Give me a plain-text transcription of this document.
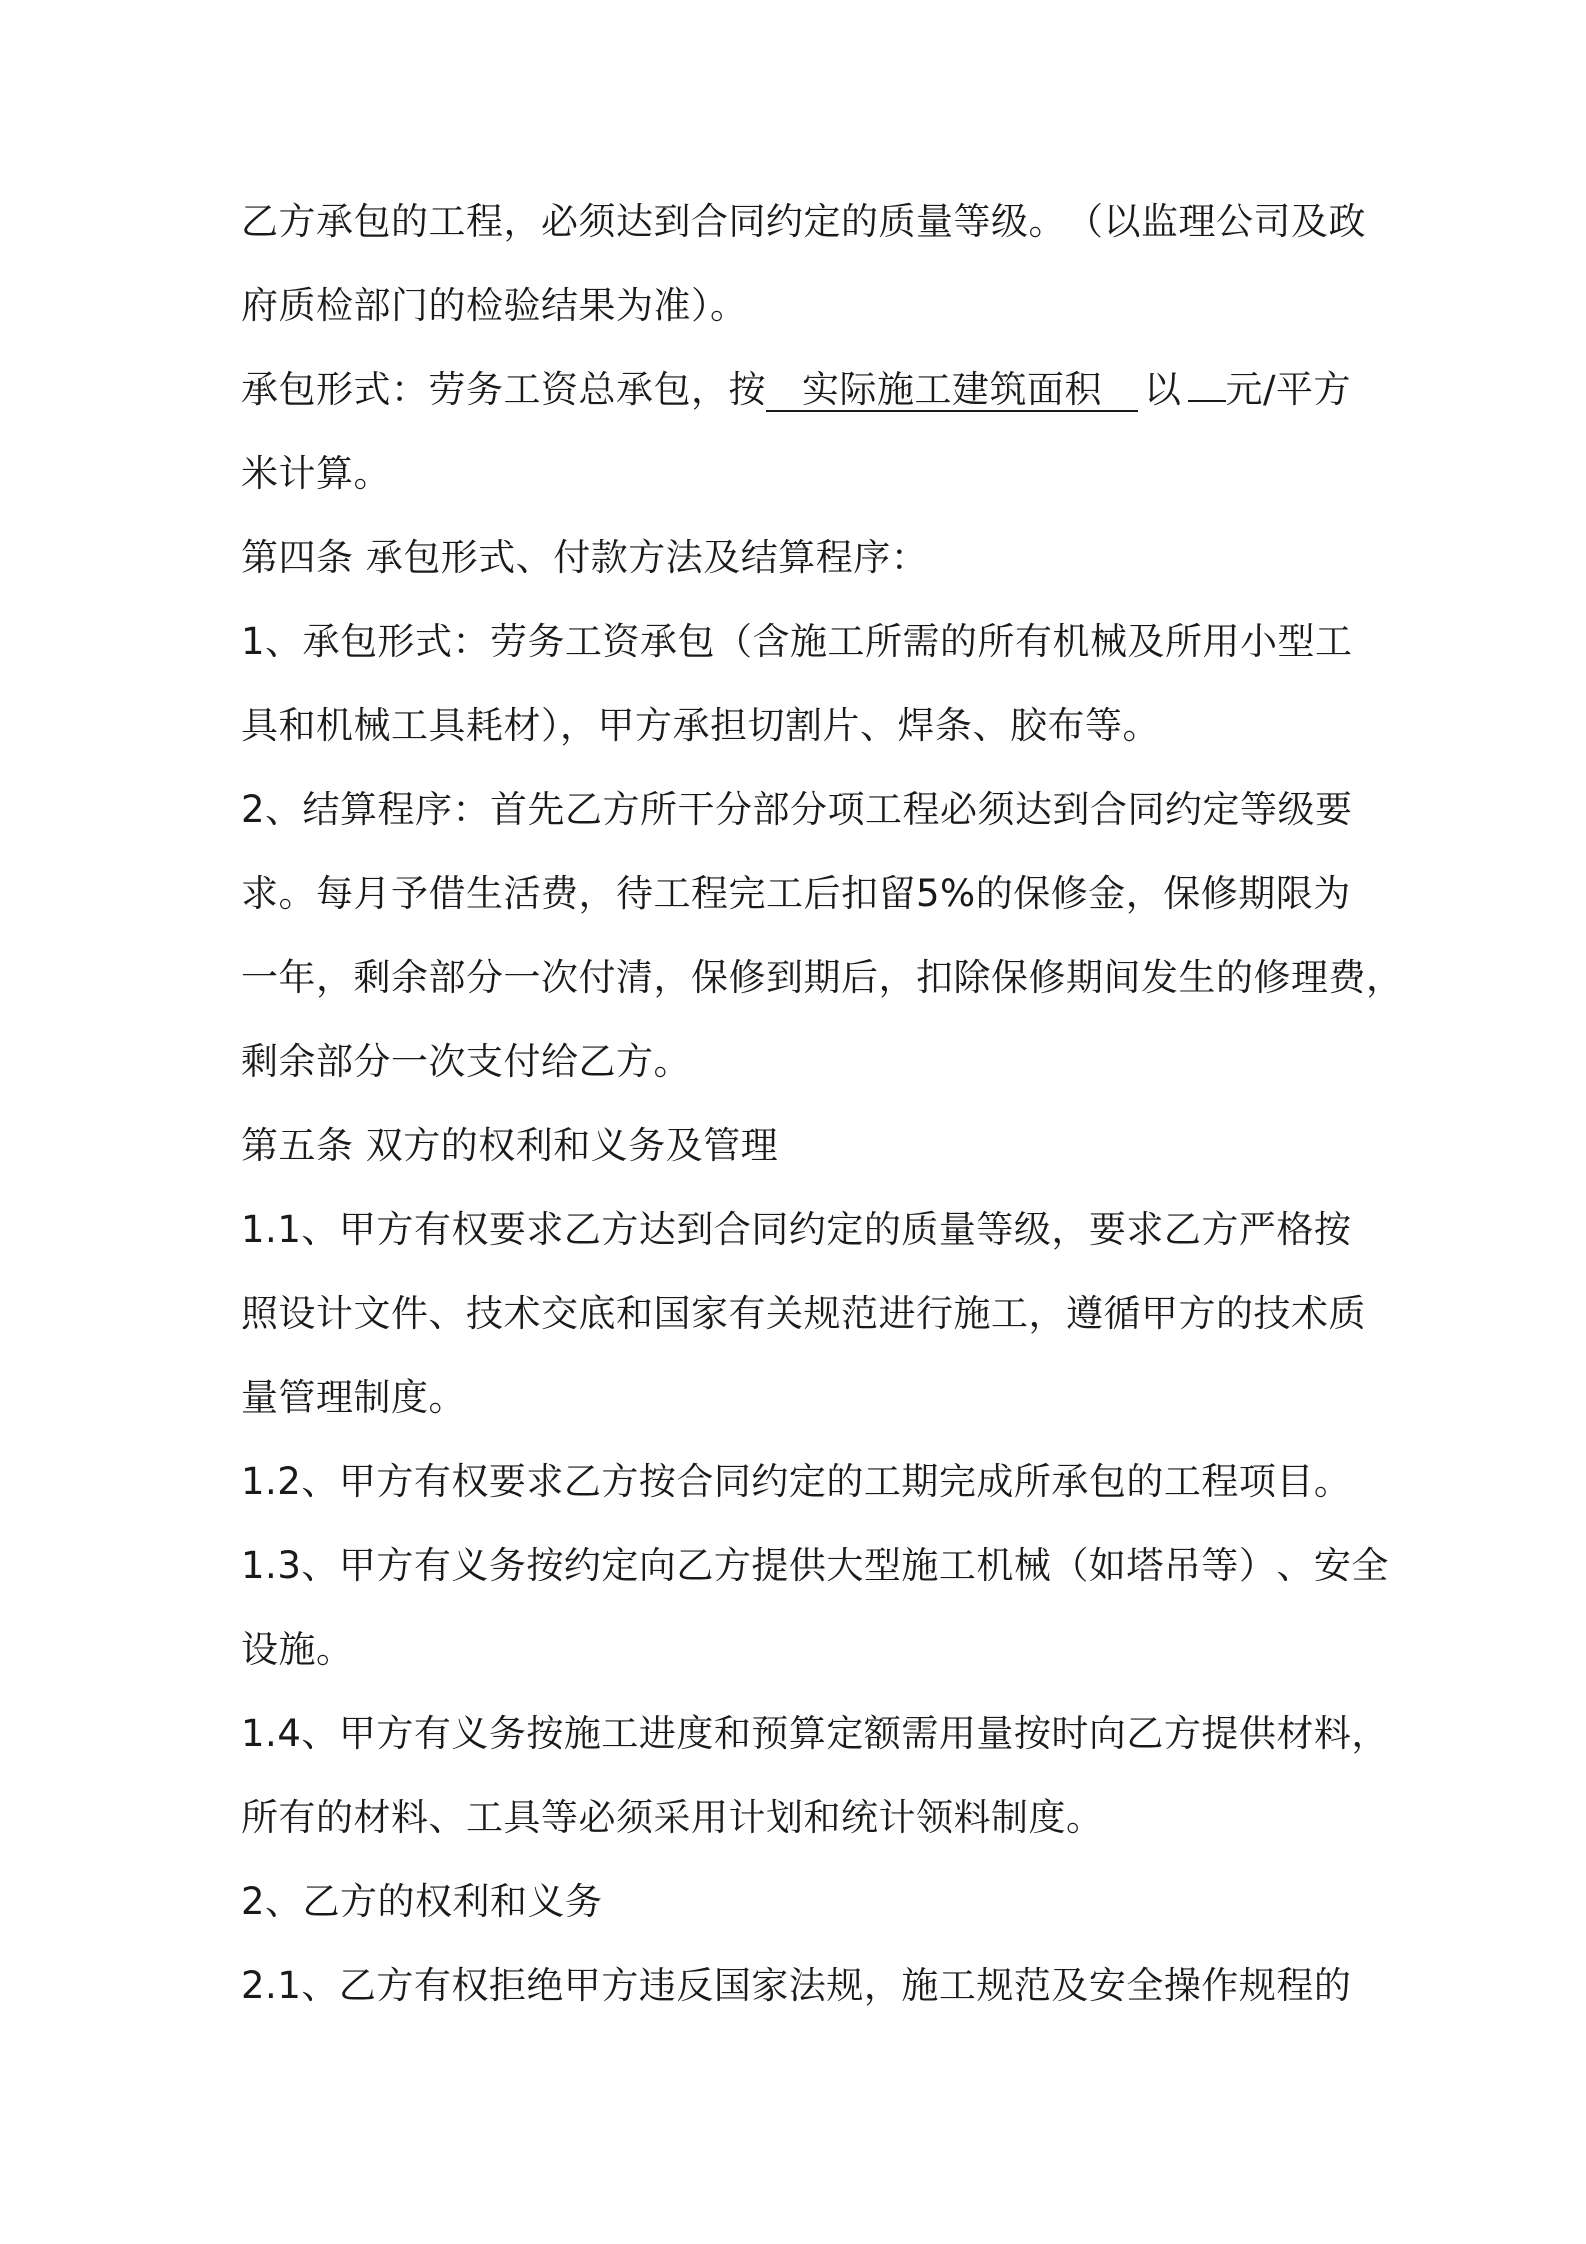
乙 方 承 包 的 工 程 ， 必 须 达 到 合 同 约 定 的 质 量 等 级 。 （ 以 监 理 公 司 及 政
府质检部门的检验结果为准）。
承包形式：劳务工资总承包，按 实际施工建筑面积 以 元/平方
米计算。
第四条 承包形式、付款方法及结算程序：
1 、 承 包 形 式 ： 劳 务 工 资 承 包 （ 含 施 工 所 需 的 所 有 机 械 及 所 用 小 型 工
具和机械工具耗材），甲方承担切割片、焊条、胶布等。
2 、 结 算 程 序 ： 首 先 乙 方 所 干 分 部 分 项 工 程 必 须 达 到 合 同 约 定 等 级 要
求 。 每 月 予 借 生 活 费 ， 待 工 程 完 工 后 扣 留 5 % 的 保 修 金 ， 保 修 期 限 为
一 年 ， 剩 余 部 分 一 次 付 清 ， 保 修 到 期 后 ， 扣 除 保 修 期 间 发 生 的 修 理 费 ，
剩余部分一次支付给乙方。
第五条 双方的权利和义务及管理
1 . 1 、 甲 方 有 权 要 求 乙 方 达 到 合 同 约 定 的 质 量 等 级 ， 要 求 乙 方 严 格 按
照 设 计 文 件 、 技 术 交 底 和 国 家 有 关 规 范 进 行 施 工 ， 遵 循 甲 方 的 技 术 质
量管理制度。
1.2、甲方有权要求乙方按合同约定的工期完成所承包的工程项目。
1 . 3 、 甲 方 有 义 务 按 约 定 向 乙 方 提 供 大 型 施 工 机 械 （ 如 塔 吊 等 ） 、 安 全
设施。
1 . 4 、 甲 方 有 义 务 按 施 工 进 度 和 预 算 定 额 需 用 量 按 时 向 乙 方 提 供 材 料 ，
所有的材料、工具等必须采用计划和统计领料制度。
2、乙方的权利和义务
2 . 1 、 乙 方 有 权 拒 绝 甲 方 违 反 国 家 法 规 ， 施 工 规 范 及 安 全 操 作 规 程 的
